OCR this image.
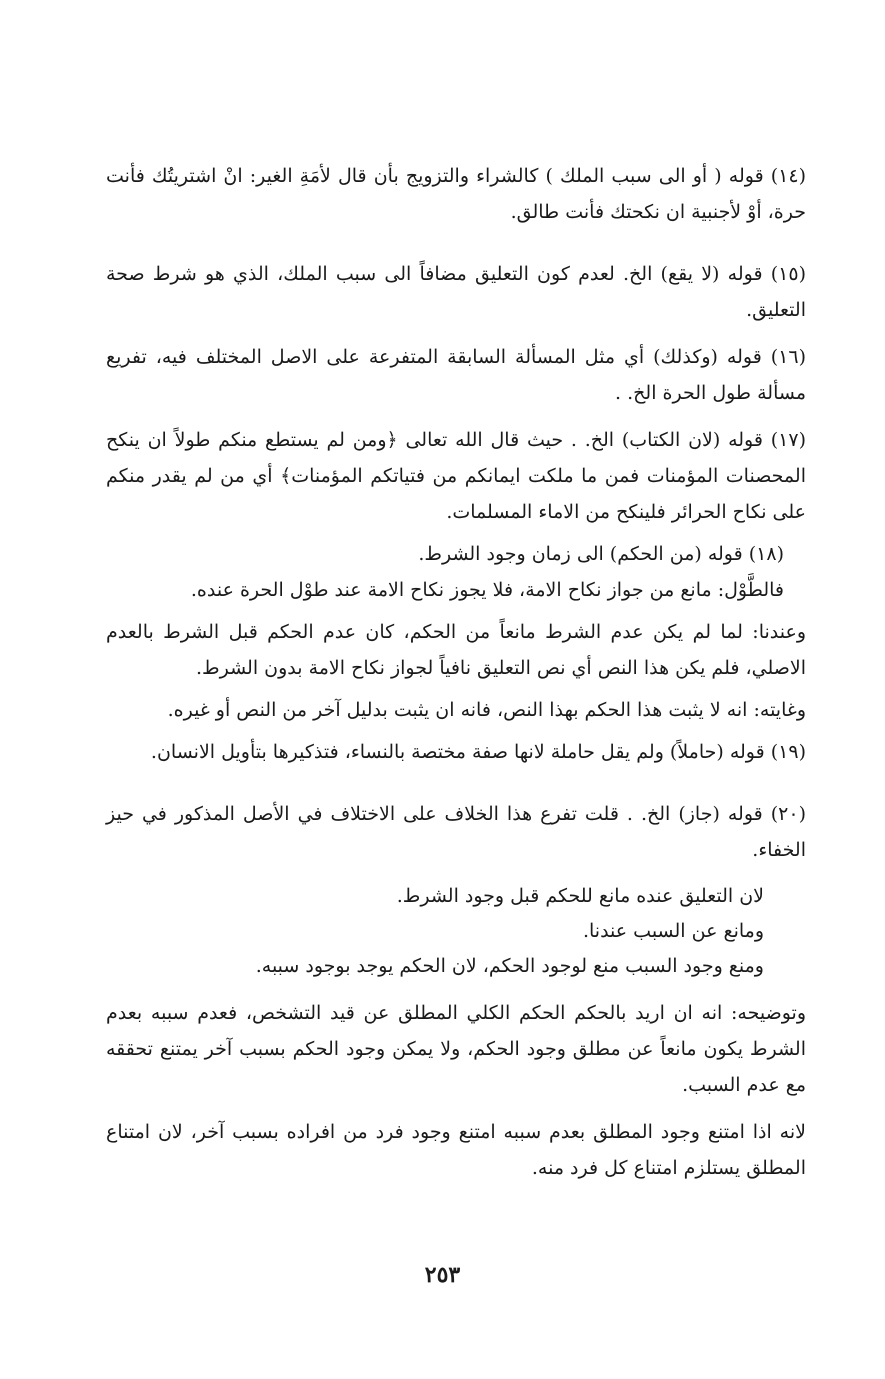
(١٤) قوله ( أو الى سبب الملك ) كالشراء والتزويج بأن قال لأمَةِ الغير: انْ اشتريتُك فأنت حرة، أوْ لأجنبية ان نكحتك فأنت طالق.

(١٥) قوله (لا يقع) الخ. لعدم كون التعليق مضافاً الى سبب الملك، الذي هو شرط صحة التعليق.

(١٦) قوله (وكذلك) أي مثل المسألة السابقة المتفرعة على الاصل المختلف فيه، تفريع مسألة طول الحرة الخ. .

(١٧) قوله (لان الكتاب) الخ. . حيث قال الله تعالى ﴿ومن لم يستطع منكم طولاً ان ينكح المحصنات المؤمنات فمن ما ملكت ايمانكم من فتياتكم المؤمنات﴾ أي من لم يقدر منكم على نكاح الحرائر فلينكح من الاماء المسلمات.

(١٨) قوله (من الحكم) الى زمان وجود الشرط.

فالطَّوْل: مانع من جواز نكاح الامة، فلا يجوز نكاح الامة عند طوْل الحرة عنده.

وعندنا: لما لم يكن عدم الشرط مانعاً من الحكم، كان عدم الحكم قبل الشرط بالعدم الاصلي، فلم يكن هذا النص أي نص التعليق نافياً لجواز نكاح الامة بدون الشرط.

وغايته: انه لا يثبت هذا الحكم بهذا النص، فانه ان يثبت بدليل آخر من النص أو غيره.

(١٩) قوله (حاملاً) ولم يقل حاملة لانها صفة مختصة بالنساء، فتذكيرها بتأويل الانسان.

(٢٠) قوله (جاز) الخ. . قلت تفرع هذا الخلاف على الاختلاف في الأصل المذكور في حيز الخفاء.

لان التعليق عنده مانع للحكم قبل وجود الشرط.

ومانع عن السبب عندنا.

ومنع وجود السبب منع لوجود الحكم، لان الحكم يوجد بوجود سببه.

وتوضيحه: انه ان اريد بالحكم الحكم الكلي المطلق عن قيد التشخص، فعدم سببه بعدم الشرط يكون مانعاً عن مطلق وجود الحكم، ولا يمكن وجود الحكم بسبب آخر يمتنع تحققه مع عدم السبب.

لانه اذا امتنع وجود المطلق بعدم سببه امتنع وجود فرد من افراده بسبب آخر، لان امتناع المطلق يستلزم امتناع كل فرد منه.

٢٥٣
